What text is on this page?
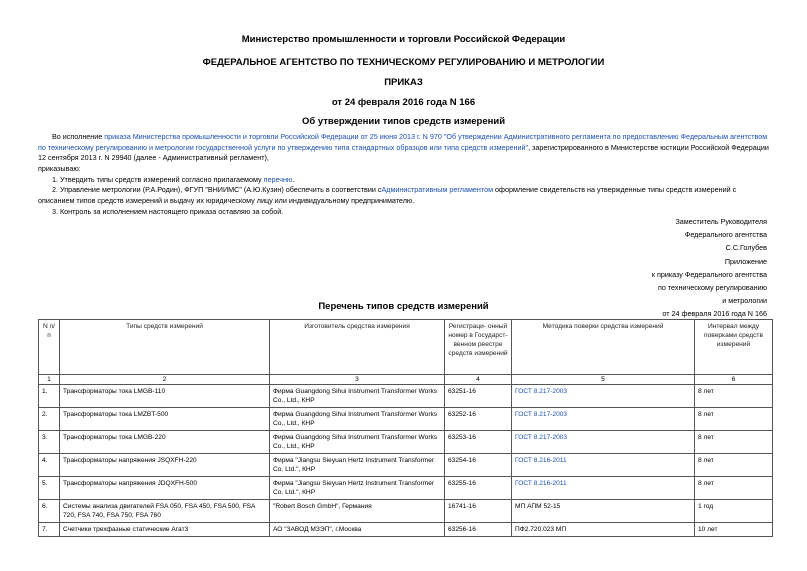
Министерство промышленности и торговли Российской Федерации
ФЕДЕРАЛЬНОЕ АГЕНТСТВО ПО ТЕХНИЧЕСКОМУ РЕГУЛИРОВАНИЮ И МЕТРОЛОГИИ
ПРИКАЗ
от 24 февраля 2016 года N 166
Об утверждении типов средств измерений
Во исполнение приказа Министерства промышленности и торговли Российской Федерации от 25 июня 2013 г. N 970 "Об утверждении Административного регламента по предоставлению Федеральным агентством по техническому регулированию и метрологии государственной услуги по утверждению типа стандартных образцов или типа средств измерений", зарегистрированного в Министерстве юстиции Российской Федерации 12 сентября 2013 г. N 29940 (далее - Административный регламент),
приказываю:
1. Утвердить типы средств измерений согласно прилагаемому перечню.
2. Управление метрологии (Р.А.Родин), ФГУП "ВНИИМС" (А.Ю.Кузин) обеспечить в соответствии сАдминистративным регламентом оформление свидетельств на утвержденные типы средств измерений с описанием типов средств измерений и выдачу их юридическому лицу или индивидуальному предпринимателю.
3. Контроль за исполнением настоящего приказа оставляю за собой.
Заместитель Руководителя
Федерального агентства
С.С.Голубев
Приложение
к приказу Федерального агентства
по техническому регулированию
и метрологии
от 24 февраля 2016 года N 166
Перечень типов средств измерений
N п/п	Типы средств измерений	Изготовитель средства измерения	Регистраци- онный номер в Государст- венном реестре средств измерений	Методика поверки средства измерений	Интервал между поверками средств измерений
1	2	3	4	5	6
1.	Трансформаторы тока LMGB-110	Фирма Guangdong Sihui Instrument Transformer Works Co., Ltd., КНР	63251-16	ГОСТ 8.217-2003	8 лет
2.	Трансформаторы тока LMZBT-500	Фирма Guangdong Sihui Instrument Transformer Works Co., Ltd., КНР	63252-16	ГОСТ 8.217-2003	8 лет
3.	Трансформаторы тока LMGB-220	Фирма Guangdong Sihui Instrument Transformer Works Co., Ltd., КНР	63253-16	ГОСТ 8.217-2003	8 лет
4.	Трансформаторы напряжения JSQXFH-220	Фирма "Jiangsu Sieyuan Hertz Instrument Transformer Co. Ltd.", КНР	63254-16	ГОСТ 8.216-2011	8 лет
5.	Трансформаторы напряжения JDQXFH-500	Фирма "Jiangsu Sieyuan Hertz Instrument Transformer Co. Ltd.", КНР	63255-16	ГОСТ 8.216-2011	8 лет
6.	Системы анализа двигателей FSA 050, FSA 450, FSA 500, FSA 720, FSA 740, FSA 750, FSA 760	"Robert Bosch GmbH", Германия	16741-16	МП АПМ 52-15	1 год
7.	Счетчики трехфазные статические Агат3	АО "ЗАВОД МЗЭП", г.Москва	63256-16	ПФ2.720.023 МП	10 лет
